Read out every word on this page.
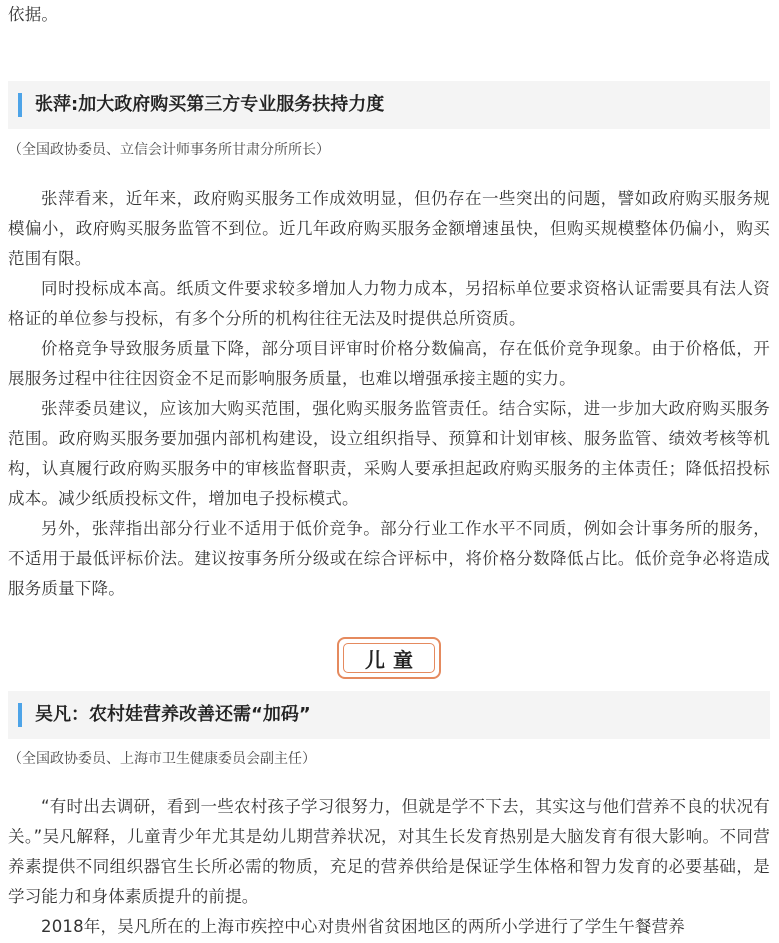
依据。

张萍:加大政府购买第三方专业服务扶持力度

（全国政协委员、立信会计师事务所甘肃分所所长）

张萍看来，近年来，政府购买服务工作成效明显，但仍存在一些突出的问题，譬如政府购买服务规模偏小，政府购买服务监管不到位。近几年政府购买服务金额增速虽快，但购买规模整体仍偏小，购买范围有限。

同时投标成本高。纸质文件要求较多增加人力物力成本，另招标单位要求资格认证需要具有法人资格证的单位参与投标，有多个分所的机构往往无法及时提供总所资质。

价格竞争导致服务质量下降，部分项目评审时价格分数偏高，存在低价竞争现象。由于价格低，开展服务过程中往往因资金不足而影响服务质量，也难以增强承接主题的实力。

张萍委员建议，应该加大购买范围，强化购买服务监管责任。结合实际，进一步加大政府购买服务范围。政府购买服务要加强内部机构建设，设立组织指导、预算和计划审核、服务监管、绩效考核等机构，认真履行政府购买服务中的审核监督职责，采购人要承担起政府购买服务的主体责任；降低招投标成本。减少纸质投标文件，增加电子投标模式。

另外，张萍指出部分行业不适用于低价竞争。部分行业工作水平不同质，例如会计事务所的服务，不适用于最低评标价法。建议按事务所分级或在综合评标中，将价格分数降低占比。低价竞争必将造成服务质量下降。

儿童
吴凡：农村娃营养改善还需“加码”

（全国政协委员、上海市卫生健康委员会副主任）

“有时出去调研，看到一些农村孩子学习很努力，但就是学不下去，其实这与他们营养不良的状况有关。”吴凡解释，儿童青少年尤其是幼儿期营养状况，对其生长发育热别是大脑发育有很大影响。不同营养素提供不同组织器官生长所必需的物质，充足的营养供给是保证学生体格和智力发育的必要基础，是学习能力和身体素质提升的前提。

2018年，吴凡所在的上海市疾控中心对贵州省贫困地区的两所小学进行了学生午餐营养
